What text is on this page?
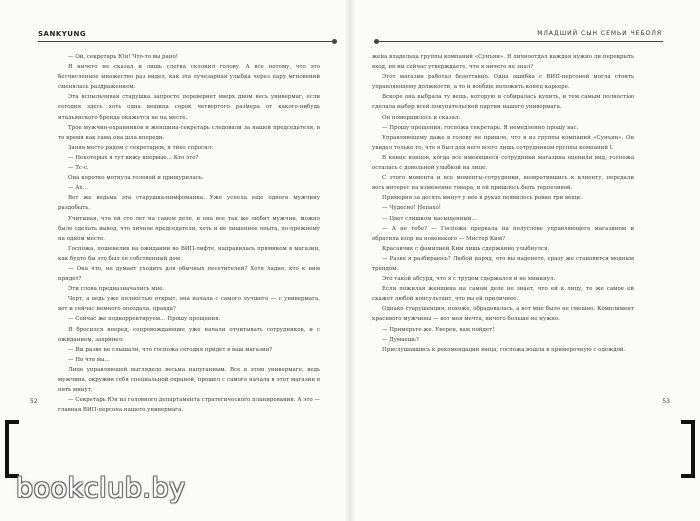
SANKYUNG	МЛАДШИЙ СЫН СЕМЬИ ЧЕБОЛЯ

— Ой, секретарь Юн! Что-то вы рано!

Я ничего не сказал и лишь слегка склонил голову. А все потому, что это бесчисленное множество раз видел, как эта лучезарная улыбка через пару мгновений сменялась раздражением.

Эта вспыльчивая старушка запросто перевернет вверх дном весь универмаг, если сегодня здесь хоть одна вещица сорок четвертого размера от какого-нибудь итальянского бренда окажется не на месте.

Трое мужчин-охранников и женщина-секретарь следовали за нашей председателя, в то время как сама она шла впереди.

Заняв место рядом с секретарем, я тихо спросил:

— Некоторых я тут вижу впервые… Кто это?

— Тс-с.

Она коротко мотнула головой и прищурилась.

— Ах…

Вот же ведьма эта старушка-нимфоманка. Уже успела еще одного мужчину раздобыть.

Учитывая, что ей сто лет на самом деле, и она все так же любит мужчин, можно было сделать вывод, что личное председатели, хоть и не лишенное опыта, по-прежнему на одном месте.

Госпожа, пошевелив на ожидании во ВИП-лифте, направилась прямиком в магазин, как будто бы это был ее собственный дом.

— Она что, не думает уходить для обычных посетителей? Хотя ладно, кто к ним придет?

Эти слова предназначались мне.

Черт, а ведь уже полностью открыт, она начала с самого лучшего — с универмага, вот и сейчас немного опоздала, правда?

— Сейчас же подкорректируем… Прошу прощения.

Я бросился вперед, сопровождающие уже начали отчитывать сотрудников, и с ожиданием, захрипел:

— Вы разве не слышали, что госпожа сегодня придет в ваш магазин?

— Но что вы…

Лицо управляющей выглядело весьма напуганным. Все в этом универмаге, ведь мужчина, окружив себя специальной охраной, прошел с самого начала в этот магазин в пять минут.

— Секретарь Юн из головного департамента стратегического планирования. А это — главная ВИП-персона нашего универмага.

жена владельца группы компаний «Сунъян». Я личноотдал каждая нужно ли перекрыть вход, но вы сейчас утверждаете, что я ничего не знал?

Этот магазин работал безоттавно. Одна ошибка с ВИП-персоной могла стоить управляющему должности, а то и вообще положить конец карьере.

Вскоре она выбрала ту вещь, которую и собиралась купить, и тем самым полностью сделала выбор всей покупательской партии нашего универмага.

Он поморщилось и сказал:

— Прошу прощения, госпожа секретарь. Я немедленно прошу вас.

Управляющему даже в голову не пришло, что я из группы компаний «Сунъян». Он увидел только то, что я был для него всего лишь сотрудником группы компаний I.

В конце концов, когда все имеющиеся сотрудники магазина оценили вид, госпожа осталась с довольной улыбкой на лице.

С этого момента и все моменты-сотрудники, возвратившись к клиенту, передали весь интерес на изменение товара, и ей пришлось быть терпеливой.

Примерно за десять минут у нее в руках появилось ровно три вещи.

— Чудесно! Непахо!

— Цвет слишком насыщенный…

— А не тебе? — Госпожа прервала на полуслове управляющего магазином и обратила взор на новенького — Мистер Ким?

Красавчик с фамилией Ким лишь сдержанно улыбнулся.

— Разве я разбираюсь? Любой наряд, что вы наденете, сразу же становится модным трендом.

Это такой абсурд, что я с трудом сдержался и не хмыкнул.

Если пожилая женщина на самом деле не знает, что ей к лицу, то же самое ей скажет любой консультант, что вы ей приличнее.

Однако старушенция, похоже, обрадовалась, а вот мне было не смешно. Комплимент красивого мужчины — вот моя мечта, ничего больше не нужно.

— Примерьте же. Уверен, вам пойдет!

— Думаешь?

Прислушавшись к рекомендации юнца, госпожа вошла в примерочную с одеждой.

52	53
bookclub.by
